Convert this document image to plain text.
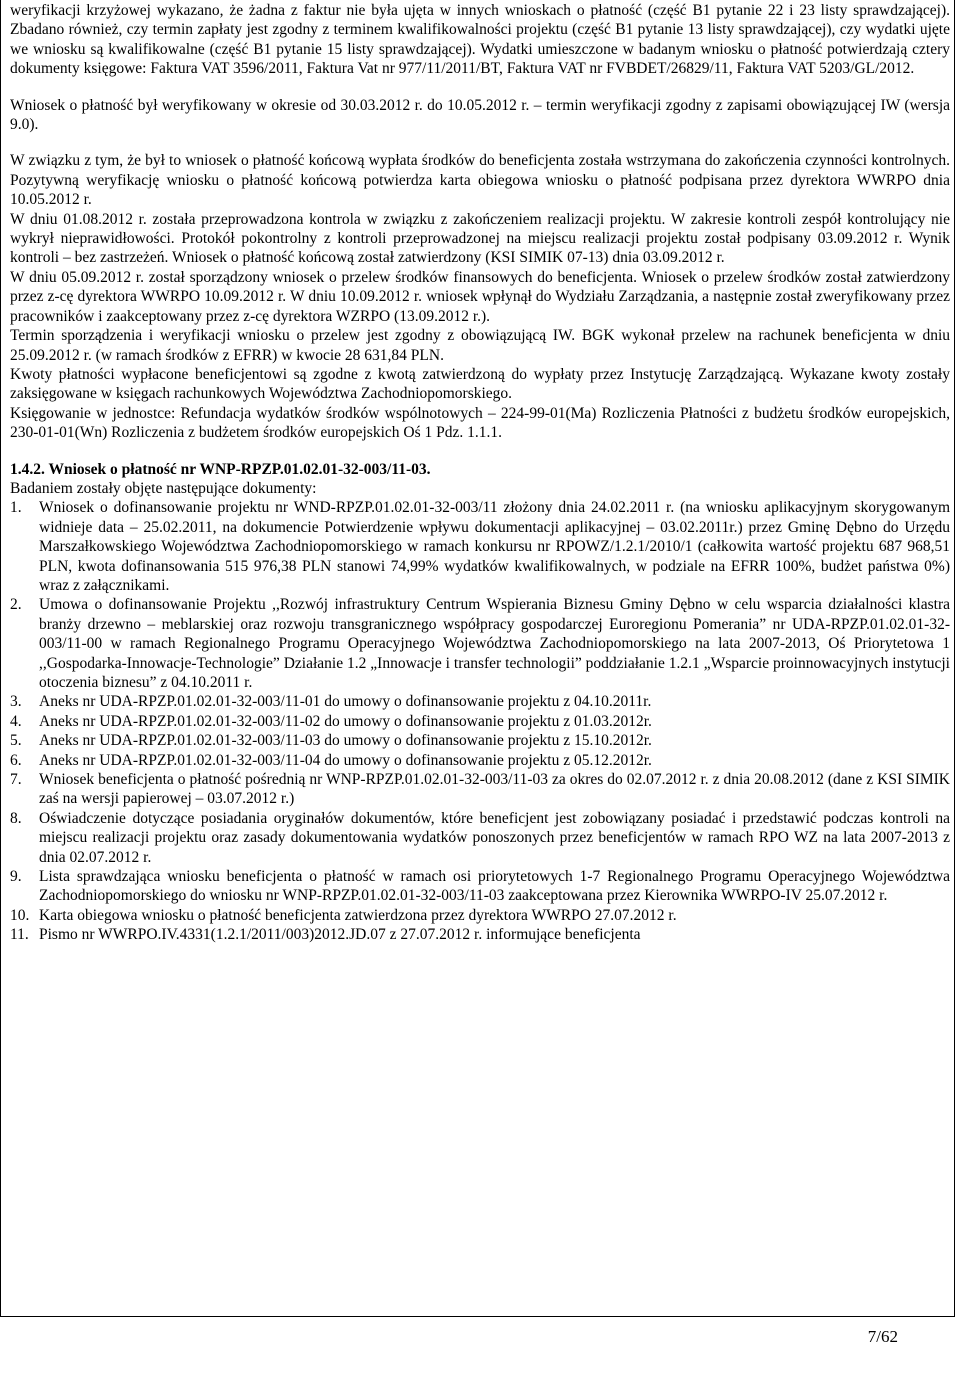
weryfikacji krzyżowej wykazano, że żadna z faktur nie była ujęta w innych wnioskach o płatność (część B1 pytanie 22 i 23 listy sprawdzającej). Zbadano również, czy termin zapłaty jest zgodny z terminem kwalifikowalności projektu (część B1 pytanie 13 listy sprawdzającej), czy wydatki ujęte we wniosku są kwalifikowalne (część B1 pytanie 15 listy sprawdzającej). Wydatki umieszczone w badanym wniosku o płatność potwierdzają cztery dokumenty księgowe: Faktura VAT 3596/2011, Faktura Vat nr 977/11/2011/BT, Faktura VAT nr FVBDET/26829/11, Faktura VAT 5203/GL/2012.

Wniosek o płatność był weryfikowany w okresie od 30.03.2012 r. do 10.05.2012 r. – termin weryfikacji zgodny z zapisami obowiązującej IW (wersja 9.0).

W związku z tym, że był to wniosek o płatność końcową wypłata środków do beneficjenta została wstrzymana do zakończenia czynności kontrolnych. Pozytywną weryfikację wniosku o płatność końcową potwierdza karta obiegowa wniosku o płatność podpisana przez dyrektora WWRPO dnia 10.05.2012 r.

W dniu 01.08.2012 r. została przeprowadzona kontrola w związku z zakończeniem realizacji projektu. W zakresie kontroli zespół kontrolujący nie wykrył nieprawidłowości. Protokół pokontrolny z kontroli przeprowadzonej na miejscu realizacji projektu został podpisany 03.09.2012 r. Wynik kontroli – bez zastrzeżeń. Wniosek o płatność końcową został zatwierdzony (KSI SIMIK 07-13) dnia 03.09.2012 r.

W dniu 05.09.2012 r. został sporządzony wniosek o przelew środków finansowych do beneficjenta. Wniosek o przelew środków został zatwierdzony przez z-cę dyrektora WWRPO 10.09.2012 r. W dniu 10.09.2012 r. wniosek wpłynął do Wydziału Zarządzania, a następnie został zweryfikowany przez pracowników i zaakceptowany przez z-cę dyrektora WZRPO (13.09.2012 r.).

Termin sporządzenia i weryfikacji wniosku o przelew jest zgodny z obowiązującą IW. BGK wykonał przelew na rachunek beneficjenta w dniu 25.09.2012 r. (w ramach środków z EFRR) w kwocie 28 631,84 PLN.

Kwoty płatności wypłacone beneficjentowi są zgodne z kwotą zatwierdzoną do wypłaty przez Instytucję Zarządzającą. Wykazane kwoty zostały zaksięgowane w księgach rachunkowych Województwa Zachodniopomorskiego.

Księgowanie w jednostce: Refundacja wydatków środków wspólnotowych – 224-99-01(Ma) Rozliczenia Płatności z budżetu środków europejskich, 230-01-01(Wn) Rozliczenia z budżetem środków europejskich Oś 1 Pdz. 1.1.1.

1.4.2. Wniosek o płatność nr WNP-RPZP.01.02.01-32-003/11-03.

Badaniem zostały objęte następujące dokumenty:

1. Wniosek o dofinansowanie projektu nr WND-RPZP.01.02.01-32-003/11 złożony dnia 24.02.2011 r. (na wniosku aplikacyjnym skorygowanym widnieje data – 25.02.2011, na dokumencie Potwierdzenie wpływu dokumentacji aplikacyjnej – 03.02.2011r.) przez Gminę Dębno do Urzędu Marszałkowskiego Województwa Zachodniopomorskiego w ramach konkursu nr RPOWZ/1.2.1/2010/1 (całkowita wartość projektu 687 968,51 PLN, kwota dofinansowania 515 976,38 PLN stanowi 74,99% wydatków kwalifikowalnych, w podziale na EFRR 100%, budżet państwa 0%) wraz z załącznikami.
2. Umowa o dofinansowanie Projektu ,,Rozwój infrastruktury Centrum Wspierania Biznesu Gminy Dębno w celu wsparcia działalności klastra branży drzewno – meblarskiej oraz rozwoju transgranicznego współpracy gospodarczej Euroregionu Pomerania” nr UDA-RPZP.01.02.01-32-003/11-00 w ramach Regionalnego Programu Operacyjnego Województwa Zachodniopomorskiego na lata 2007-2013, Oś Priorytetowa 1 ,,Gospodarka-Innowacje-Technologie” Działanie 1.2 „Innowacje i transfer technologii” poddziałanie 1.2.1 „Wsparcie proinnowacyjnych instytucji otoczenia biznesu” z 04.10.2011 r.
3. Aneks nr UDA-RPZP.01.02.01-32-003/11-01 do umowy o dofinansowanie projektu z 04.10.2011r.
4. Aneks nr UDA-RPZP.01.02.01-32-003/11-02 do umowy o dofinansowanie projektu z 01.03.2012r.
5. Aneks nr UDA-RPZP.01.02.01-32-003/11-03 do umowy o dofinansowanie projektu z 15.10.2012r.
6. Aneks nr UDA-RPZP.01.02.01-32-003/11-04 do umowy o dofinansowanie projektu z 05.12.2012r.
7. Wniosek beneficjenta o płatność pośrednią nr WNP-RPZP.01.02.01-32-003/11-03 za okres do 02.07.2012 r. z dnia 20.08.2012 (dane z KSI SIMIK zaś na wersji papierowej – 03.07.2012 r.)
8. Oświadczenie dotyczące posiadania oryginałów dokumentów, które beneficjent jest zobowiązany posiadać i przedstawić podczas kontroli na miejscu realizacji projektu oraz zasady dokumentowania wydatków ponoszonych przez beneficjentów w ramach RPO WZ na lata 2007-2013 z dnia 02.07.2012 r.
9. Lista sprawdzająca wniosku beneficjenta o płatność w ramach osi priorytetowych 1-7 Regionalnego Programu Operacyjnego Województwa Zachodniopomorskiego do wniosku nr WNP-RPZP.01.02.01-32-003/11-03 zaakceptowana przez Kierownika WWRPO-IV 25.07.2012 r.
10. Karta obiegowa wniosku o płatność beneficjenta zatwierdzona przez dyrektora WWRPO 27.07.2012 r.
11. Pismo nr WWRPO.IV.4331(1.2.1/2011/003)2012.JD.07 z 27.07.2012 r. informujące beneficjenta
7/62
